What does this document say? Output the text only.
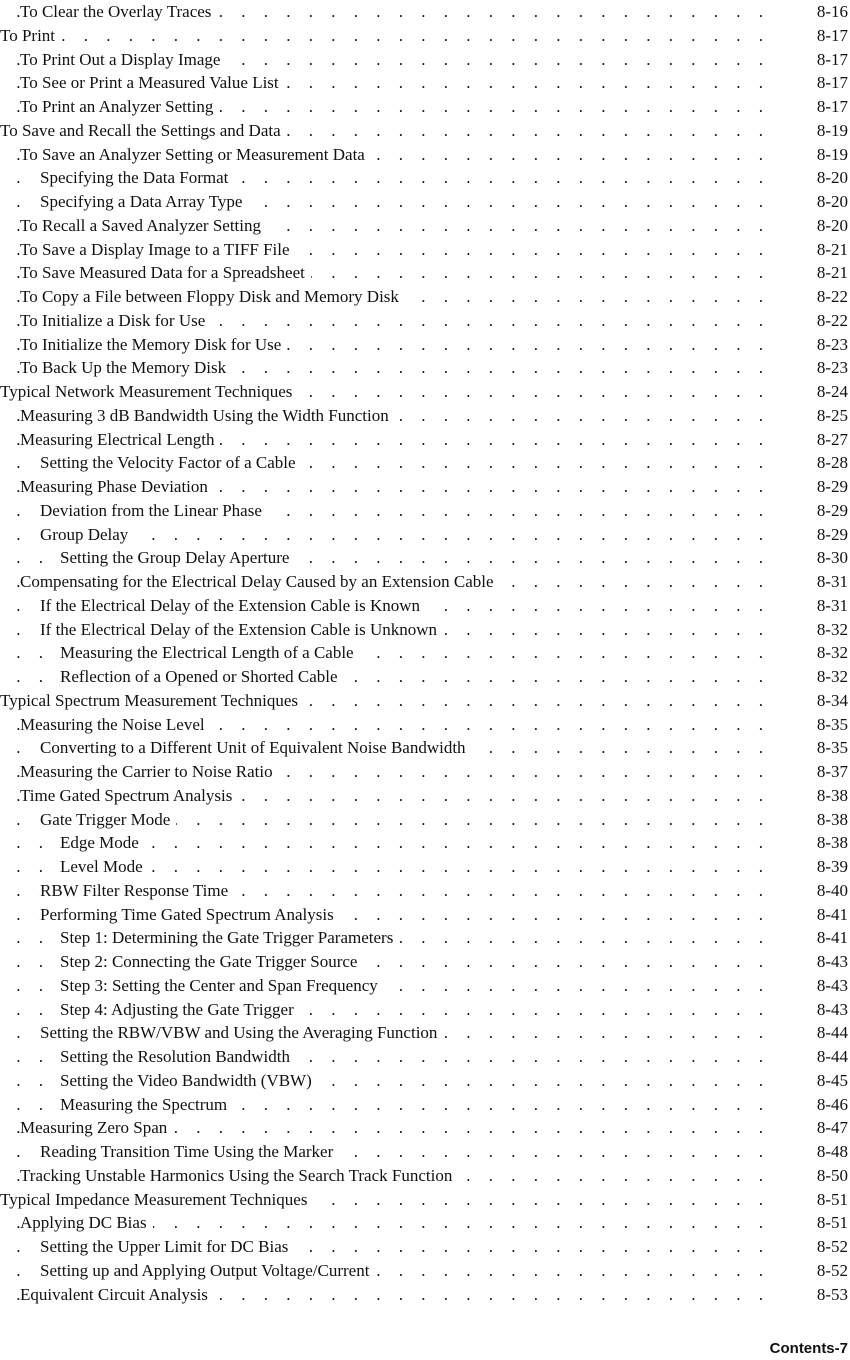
. . .
To Clear the Overlay Traces	8-16
. . .
To Print	8-17
. . .
To Print Out a Display Image	8-17
. . .
To See or Print a Measured Value List	8-17
. . .
To Print an Analyzer Setting	8-17
. . .
To Save and Recall the Settings and Data	8-19
. . .
To Save an Analyzer Setting or Measurement Data	8-19
. . .
Specifying the Data Format	8-20
. . .
Specifying a Data Array Type	8-20
. . .
To Recall a Saved Analyzer Setting	8-20
. . .
To Save a Display Image to a TIFF File	8-21
. . .
To Save Measured Data for a Spreadsheet	8-21
. . .
To Copy a File between Floppy Disk and Memory Disk	8-22
. . .
To Initialize a Disk for Use	8-22
. . .
To Initialize the Memory Disk for Use	8-23
. . .
To Back Up the Memory Disk	8-23
. . .
Typical Network Measurement Techniques	8-24
. . .
Measuring 3 dB Bandwidth Using the Width Function	8-25
. . .
Measuring Electrical Length	8-27
. . .
Setting the Velocity Factor of a Cable	8-28
. . .
Measuring Phase Deviation	8-29
. . .
Deviation from the Linear Phase	8-29
. . .
Group Delay	8-29
. . .
Setting the Group Delay Aperture	8-30
. . .
Compensating for the Electrical Delay Caused by an Extension Cable	8-31
. . .
If the Electrical Delay of the Extension Cable is Known	8-31
. . .
If the Electrical Delay of the Extension Cable is Unknown	8-32
. . .
Measuring the Electrical Length of a Cable	8-32
. . .
Reflection of a Opened or Shorted Cable	8-32
. . .
Typical Spectrum Measurement Techniques	8-34
. . .
Measuring the Noise Level	8-35
. . .
Converting to a Different Unit of Equivalent Noise Bandwidth	8-35
. . .
Measuring the Carrier to Noise Ratio	8-37
. . .
Time Gated Spectrum Analysis	8-38
. . .
Gate Trigger Mode	8-38
. . .
Edge Mode	8-38
. . .
Level Mode	8-39
. . .
RBW Filter Response Time	8-40
. . .
Performing Time Gated Spectrum Analysis	8-41
. . .
Step 1: Determining the Gate Trigger Parameters	8-41
. . .
Step 2: Connecting the Gate Trigger Source	8-43
. . .
Step 3: Setting the Center and Span Frequency	8-43
. . .
Step 4: Adjusting the Gate Trigger	8-43
. . .
Setting the RBW/VBW and Using the Averaging Function	8-44
. . .
Setting the Resolution Bandwidth	8-44
. . .
Setting the Video Bandwidth (VBW)	8-45
. . .
Measuring the Spectrum	8-46
. . .
Measuring Zero Span	8-47
. . .
Reading Transition Time Using the Marker	8-48
. . .
Tracking Unstable Harmonics Using the Search Track Function	8-50
. . .
Typical Impedance Measurement Techniques	8-51
. . .
Applying DC Bias	8-51
. . .
Setting the Upper Limit for DC Bias	8-52
. . .
Setting up and Applying Output Voltage/Current	8-52
. . .
Equivalent Circuit Analysis	8-53
Contents-7
